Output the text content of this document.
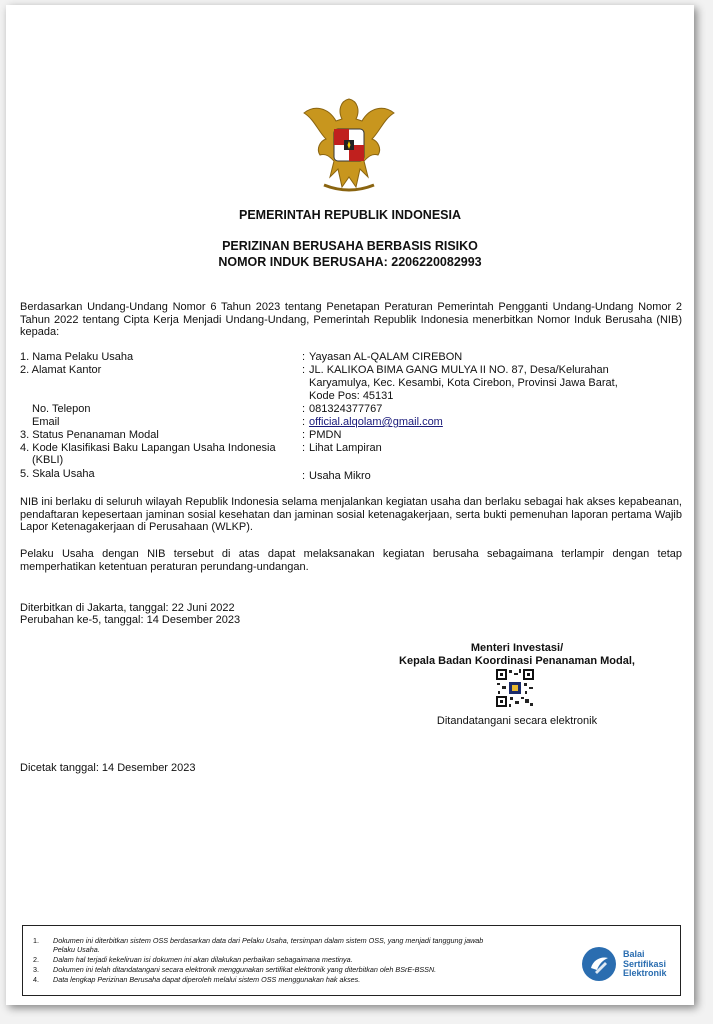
PEMERINTAH REPUBLIK INDONESIA
PERIZINAN BERUSAHA BERBASIS RISIKO
NOMOR INDUK BERUSAHA: 2206220082993
Berdasarkan Undang-Undang Nomor 6 Tahun 2023 tentang Penetapan Peraturan Pemerintah Pengganti Undang-Undang Nomor 2 Tahun 2022 tentang Cipta Kerja Menjadi Undang-Undang, Pemerintah Republik Indonesia menerbitkan Nomor Induk Berusaha (NIB) kepada:
1. Nama Pelaku Usaha	: Yayasan AL-QALAM CIREBON
2. Alamat Kantor	: JL. KALIKOA BIMA GANG MULYA II NO. 87, Desa/Kelurahan
Karyamulya, Kec. Kesambi, Kota Cirebon, Provinsi Jawa Barat,
Kode Pos: 45131
No. Telepon	: 081324377767
Email	: official.alqolam@gmail.com
3. Status Penanaman Modal	: PMDN
4. Kode Klasifikasi Baku Lapangan Usaha Indonesia	: Lihat Lampiran
(KBLI)
5. Skala Usaha	: Usaha Mikro
NIB ini berlaku di seluruh wilayah Republik Indonesia selama menjalankan kegiatan usaha dan berlaku sebagai hak akses kepabeanan, pendaftaran kepesertaan jaminan sosial kesehatan dan jaminan sosial ketenagakerjaan, serta bukti pemenuhan laporan pertama Wajib Lapor Ketenagakerjaan di Perusahaan (WLKP).
Pelaku Usaha dengan NIB tersebut di atas dapat melaksanakan kegiatan berusaha sebagaimana terlampir dengan tetap memperhatikan ketentuan peraturan perundang-undangan.
Diterbitkan di Jakarta, tanggal: 22 Juni 2022
Perubahan ke-5, tanggal: 14 Desember 2023
Menteri Investasi/
Kepala Badan Koordinasi Penanaman Modal,
Ditandatangani secara elektronik
Dicetak tanggal: 14 Desember 2023
1. Dokumen ini diterbitkan sistem OSS berdasarkan data dari Pelaku Usaha, tersimpan dalam sistem OSS, yang menjadi tanggung jawab
Pelaku Usaha.
2. Dalam hal terjadi kekeliruan isi dokumen ini akan dilakukan perbaikan sebagaimana mestinya.
3. Dokumen ini telah ditandatangani secara elektronik menggunakan sertifikat elektronik yang diterbitkan oleh BSrE-BSSN.
4. Data lengkap Perizinan Berusaha dapat diperoleh melalui sistem OSS menggunakan hak akses.
Balai
Sertifikasi
Elektronik
